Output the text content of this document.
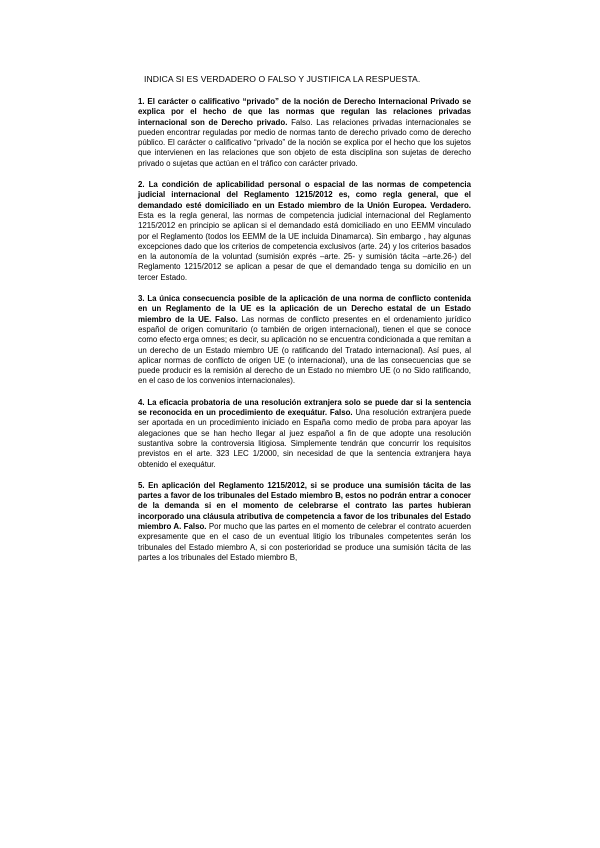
INDICA SI ES VERDADERO O FALSO Y JUSTIFICA LA RESPUESTA.
1. El carácter o calificativo “privado” de la noción de Derecho Internacional Privado se explica por el hecho de que las normas que regulan las relaciones privadas internacional son de Derecho privado. Falso. Las relaciones privadas internacionales se pueden encontrar reguladas por medio de normas tanto de derecho privado como de derecho público. El carácter o calificativo “privado” de la noción se explica por el hecho que los sujetos que intervienen en las relaciones que son objeto de esta disciplina son sujetas de derecho privado o sujetas que actúan en el tráfico con carácter privado.
2. La condición de aplicabilidad personal o espacial de las normas de competencia judicial internacional del Reglamento 1215/2012 es, como regla general, que el demandado esté domiciliado en un Estado miembro de la Unión Europea. Verdadero. Esta es la regla general, las normas de competencia judicial internacional del Reglamento 1215/2012 en principio se aplican si el demandado está domiciliado en uno EEMM vinculado por el Reglamento (todos los EEMM de la UE incluida Dinamarca). Sin embargo , hay algunas excepciones dado que los criterios de competencia exclusivos (arte. 24) y los criterios basados en la autonomía de la voluntad (sumisión exprés –arte. 25- y sumisión tácita –arte.26-) del Reglamento 1215/2012 se aplican a pesar de que el demandado tenga su domicilio en un tercer Estado.
3. La única consecuencia posible de la aplicación de una norma de conflicto contenida en un Reglamento de la UE es la aplicación de un Derecho estatal de un Estado miembro de la UE. Falso. Las normas de conflicto presentes en el ordenamiento jurídico español de origen comunitario (o también de origen internacional), tienen el que se conoce como efecto erga omnes; es decir, su aplicación no se encuentra condicionada a que remitan a un derecho de un Estado miembro UE (o ratificando del Tratado internacional). Así pues, al aplicar normas de conflicto de origen UE (o internacional), una de las consecuencias que se puede producir es la remisión al derecho de un Estado no miembro UE (o no Sido ratificando, en el caso de los convenios internacionales).
4. La eficacia probatoria de una resolución extranjera solo se puede dar si la sentencia se reconocida en un procedimiento de exequátur. Falso. Una resolución extranjera puede ser aportada en un procedimiento iniciado en España como medio de proba para apoyar las alegaciones que se han hecho llegar al juez español a fin de que adopte una resolución sustantiva sobre la controversia litigiosa. Simplemente tendrán que concurrir los requisitos previstos en el arte. 323 LEC 1/2000, sin necesidad de que la sentencia extranjera haya obtenido el exequátur.
5. En aplicación del Reglamento 1215/2012, si se produce una sumisión tácita de las partes a favor de los tribunales del Estado miembro B, estos no podrán entrar a conocer de la demanda si en el momento de celebrarse el contrato las partes hubieran incorporado una cláusula atributiva de competencia a favor de los tribunales del Estado miembro A. Falso. Por mucho que las partes en el momento de celebrar el contrato acuerden expresamente que en el caso de un eventual litigio los tribunales competentes serán los tribunales del Estado miembro A, si con posterioridad se produce una sumisión tácita de las partes a los tribunales del Estado miembro B,
